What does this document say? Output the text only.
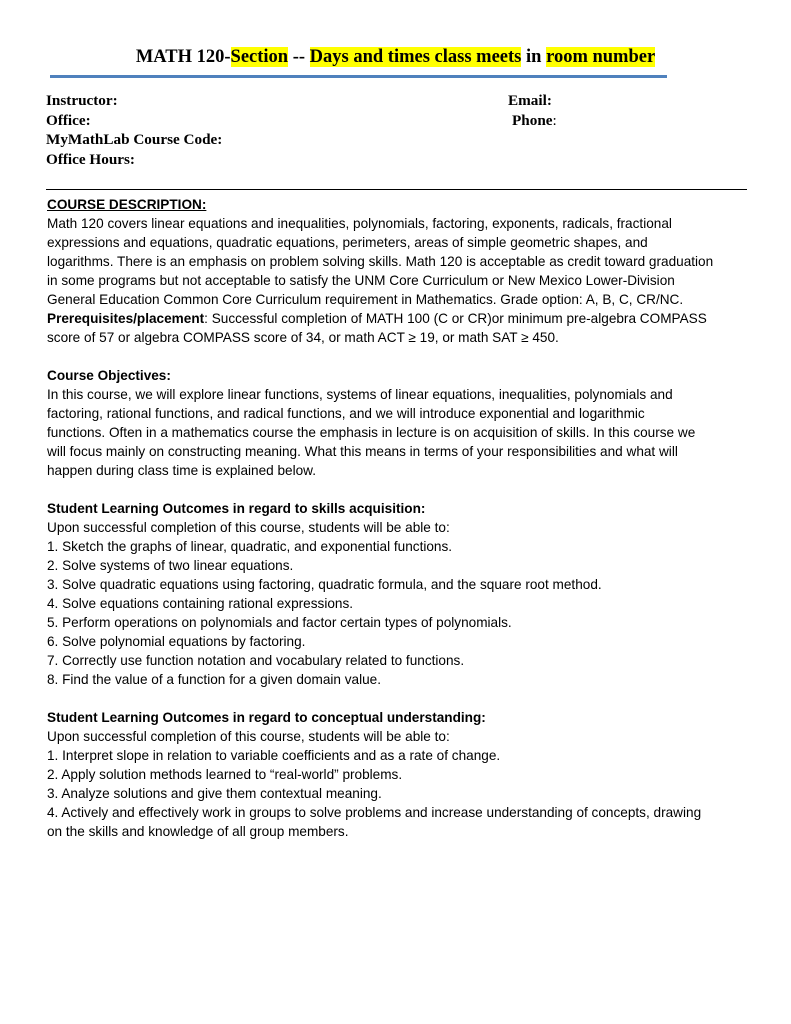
MATH 120-Section -- Days and times class meets in room number
Instructor:
Office:
MyMathLab Course Code:
Office Hours:
Email:
Phone:

COURSE DESCRIPTION:

Math 120 covers linear equations and inequalities, polynomials, factoring, exponents, radicals, fractional

expressions and equations, quadratic equations, perimeters, areas of simple geometric shapes, and

logarithms. There is an emphasis on problem solving skills. Math 120 is acceptable as credit toward graduation

in some programs but not acceptable to satisfy the UNM Core Curriculum or New Mexico Lower-Division

General Education Common Core Curriculum requirement in Mathematics. Grade option: A, B, C, CR/NC.

Prerequisites/placement: Successful completion of MATH 100 (C or CR)or minimum pre-algebra COMPASS

score of 57 or algebra COMPASS score of 34, or math ACT ≥ 19, or math SAT ≥ 450.

Course Objectives:

In this course, we will explore linear functions, systems of linear equations, inequalities, polynomials and

factoring, rational functions, and radical functions, and we will introduce exponential and logarithmic

functions. Often in a mathematics course the emphasis in lecture is on acquisition of skills. In this course we

will focus mainly on constructing meaning. What this means in terms of your responsibilities and what will

happen during class time is explained below.

Student Learning Outcomes in regard to skills acquisition:

Upon successful completion of this course, students will be able to:

1. Sketch the graphs of linear, quadratic, and exponential functions.

2. Solve systems of two linear equations.

3. Solve quadratic equations using factoring, quadratic formula, and the square root method.

4. Solve equations containing rational expressions.

5. Perform operations on polynomials and factor certain types of polynomials.

6. Solve polynomial equations by factoring.

7. Correctly use function notation and vocabulary related to functions.

8. Find the value of a function for a given domain value.

Student Learning Outcomes in regard to conceptual understanding:

Upon successful completion of this course, students will be able to:

1. Interpret slope in relation to variable coefficients and as a rate of change.

2. Apply solution methods learned to “real-world” problems.

3. Analyze solutions and give them contextual meaning.

4. Actively and effectively work in groups to solve problems and increase understanding of concepts, drawing

on the skills and knowledge of all group members.
